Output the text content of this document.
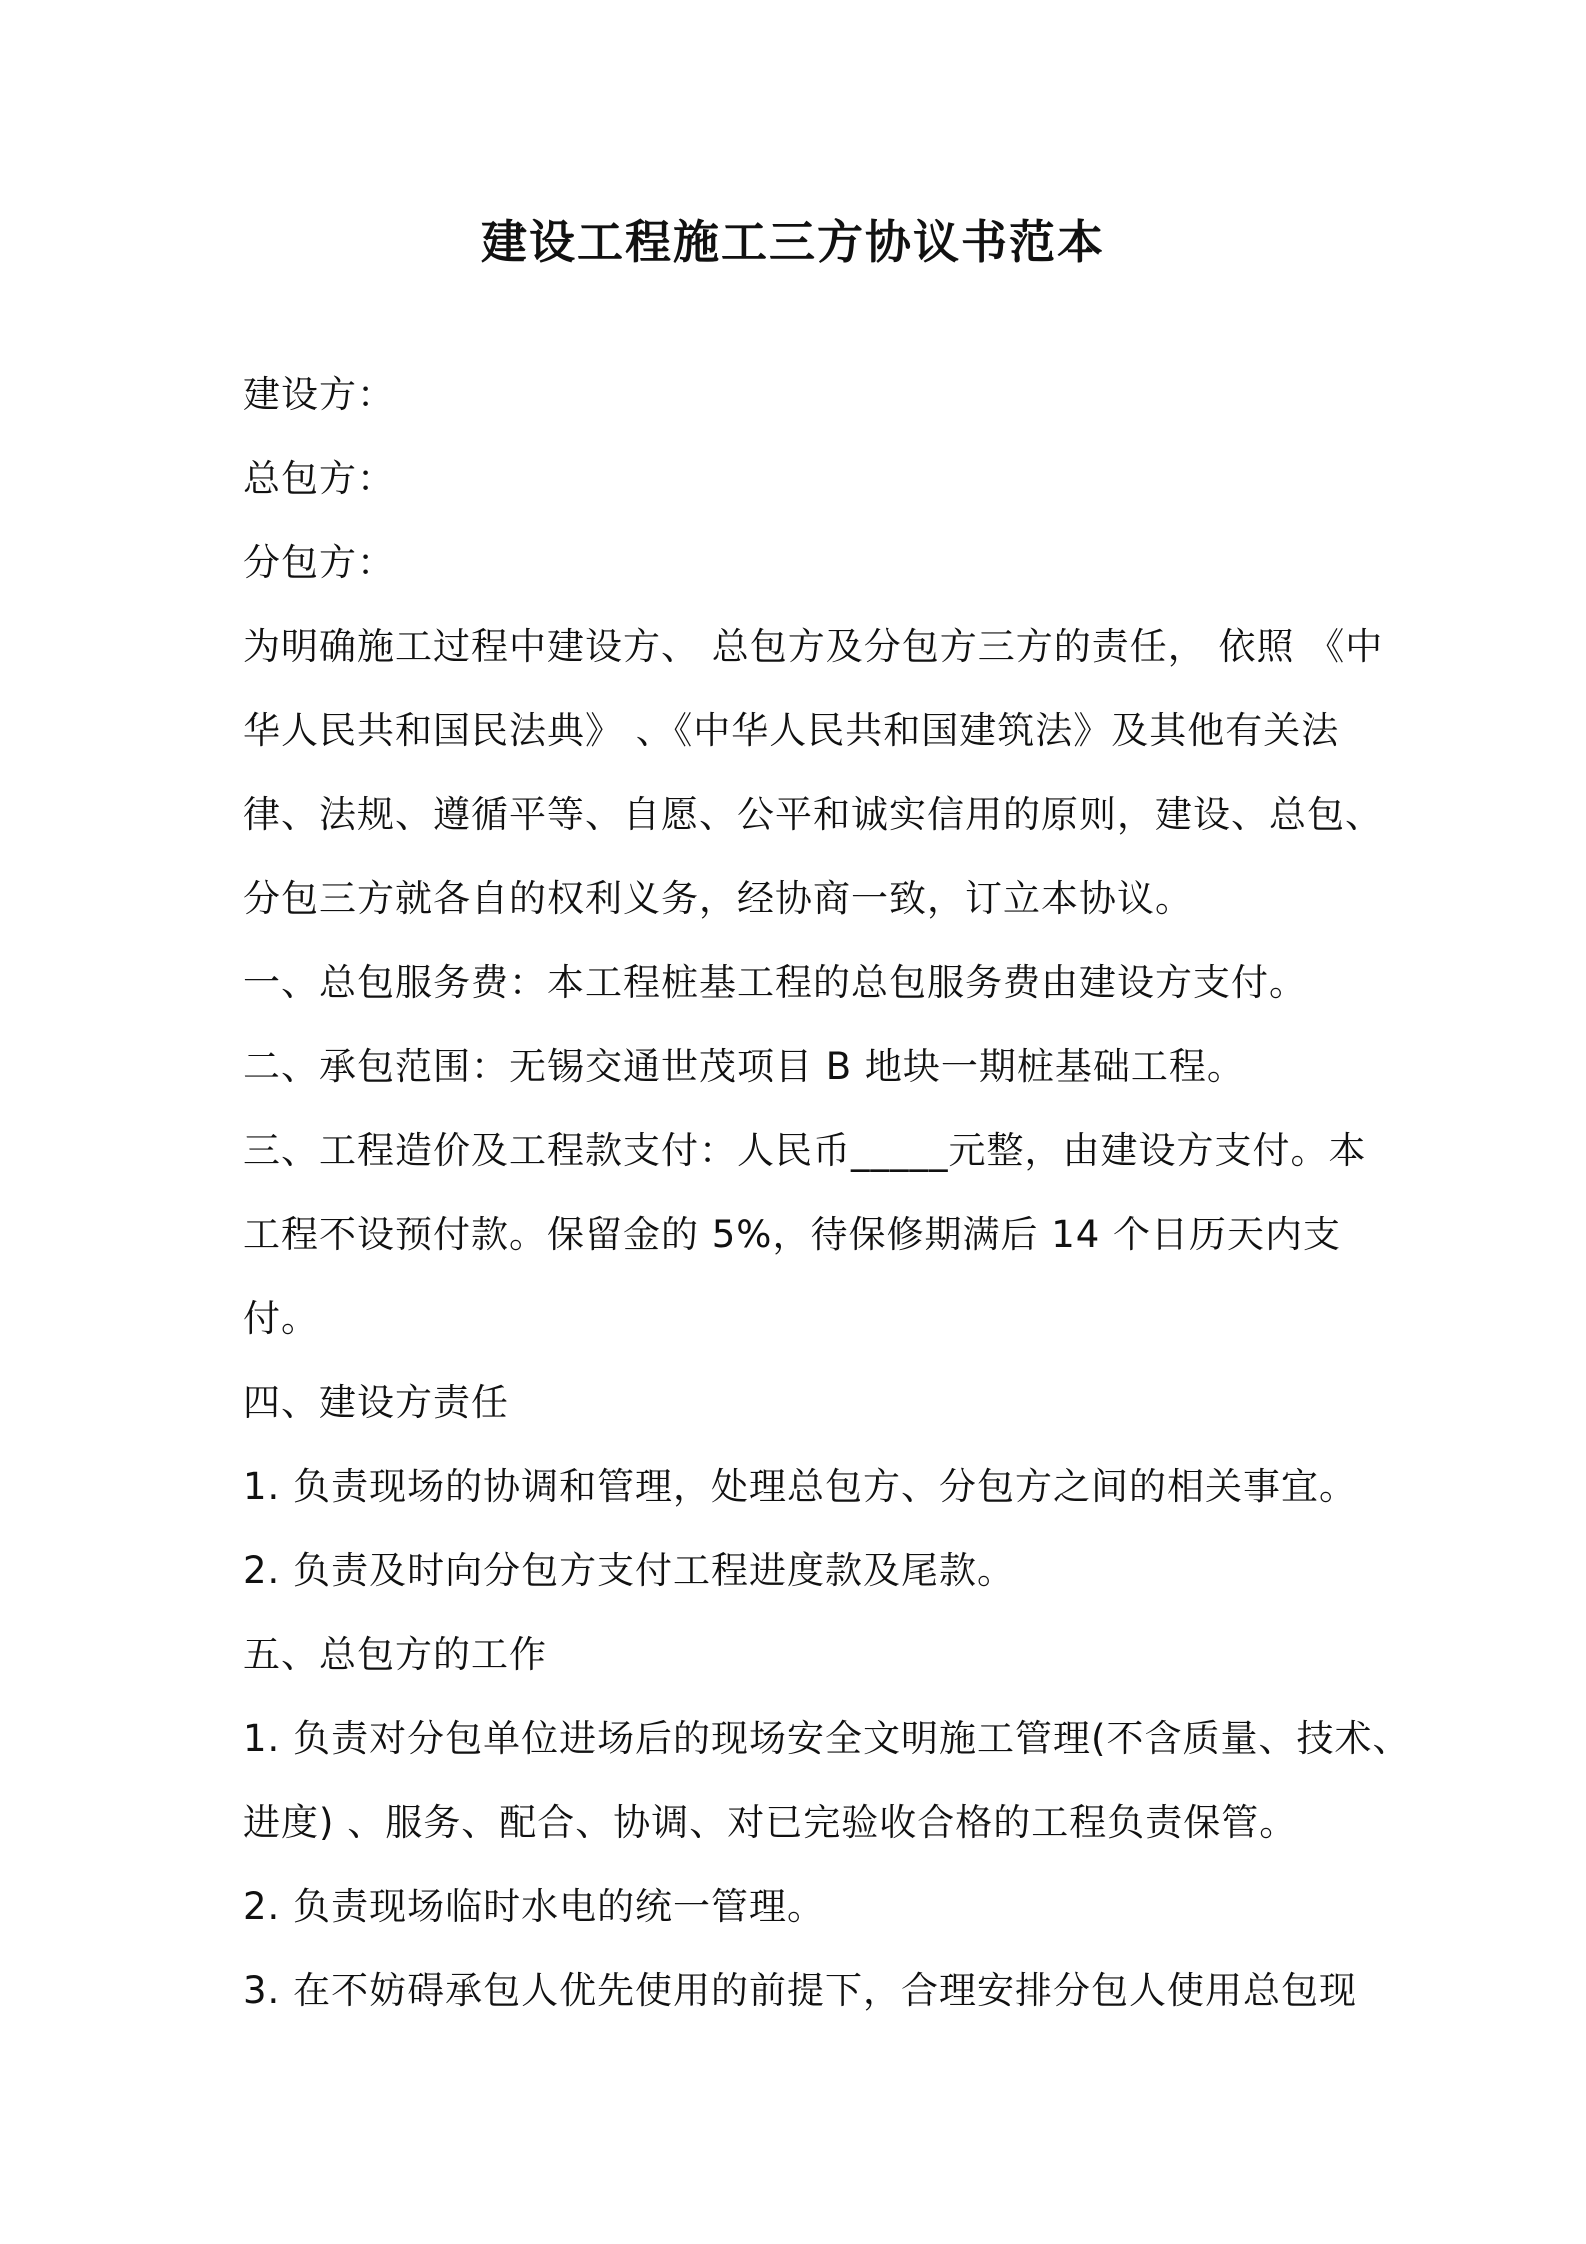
建设工程施工三方协议书范本
建设方：
总包方：
分包方：
为明确施工过程中建设方、 总包方及分包方三方的责任， 依照 《中
华人民共和国民法典》 、《中华人民共和国建筑法》及其他有关法
律、法规、遵循平等、自愿、公平和诚实信用的原则，建设、总包、
分包三方就各自的权利义务，经协商一致，订立本协议。
一、总包服务费：本工程桩基工程的总包服务费由建设方支付。
二、承包范围：无锡交通世茂项目 B 地块一期桩基础工程。
三、工程造价及工程款支付：人民币_____元整，由建设方支付。本
工程不设预付款。保留金的 5%，待保修期满后 14 个日历天内支
付。
四、建设方责任
1. 负责现场的协调和管理，处理总包方、分包方之间的相关事宜。
2. 负责及时向分包方支付工程进度款及尾款。
五、总包方的工作
1. 负责对分包单位进场后的现场安全文明施工管理(不含质量、技术、
进度) 、服务、配合、协调、对已完验收合格的工程负责保管。
2. 负责现场临时水电的统一管理。
3. 在不妨碍承包人优先使用的前提下，合理安排分包人使用总包现
